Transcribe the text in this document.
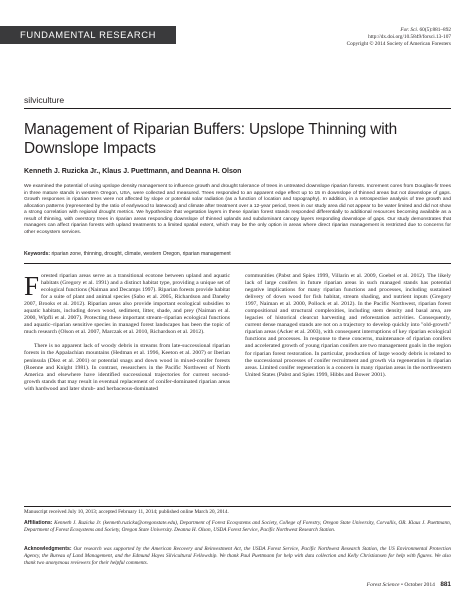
FUNDAMENTAL RESEARCH	For. Sci. 60(5):881–892
http://dx.doi.org/10.5849/forsci.13-107
Copyright © 2014 Society of American Foresters
silviculture
Management of Riparian Buffers: Upslope Thinning with Downslope Impacts
Kenneth J. Ruzicka Jr., Klaus J. Puettmann, and Deanna H. Olson

We examined the potential of using upslope density management to influence growth and drought tolerance of trees in untreated downslope riparian forests. Increment cores from Douglas-fir trees in three mature stands in western Oregon, USA, were collected and measured. Trees responded to an apparent edge effect up to 15 m downslope of thinned areas but not downslope of gaps. Growth responses in riparian trees were not affected by slope or potential solar radiation (as a function of location and topography). In addition, in a retrospective analysis of tree growth and allocation patterns (represented by the ratio of earlywood to latewood) and climate after treatment over a 12-year period, trees in our study area did not appear to be water limited and did not show a strong correlation with regional drought metrics. We hypothesize that vegetation layers in these riparian forest stands responded differentially to additional resources becoming available as a result of thinning, with overstory trees in riparian areas responding downslope of thinned uplands and subdominant canopy layers responding downslope of gaps. Our study demonstrates that managers can affect riparian forests with upland treatments to a limited spatial extent, which may be the only option in areas where direct riparian management is restricted due to concerns for other ecosystem services.

Keywords: riparian zone, thinning, drought, climate, western Oregon, riparian management

Forested riparian areas serve as a transitional ecotone between upland and aquatic habitats (Gregory et al. 1991) and a distinct habitat type, providing a unique set of ecological functions (Naiman and Decamps 1997). Riparian forests provide habitat for a suite of plant and animal species (Sabo et al. 2005, Richardson and Danehy 2007, Brooks et al. 2012). Riparian areas also provide important ecological subsidies to aquatic habitats, including down wood, sediment, litter, shade, and prey (Naiman et al. 2000, Wipfli et al. 2007). Protecting these important stream–riparian ecological functions and aquatic–riparian sensitive species in managed forest landscapes has been the topic of much research (Olson et al. 2007, Marczak et al. 2010, Richardson et al. 2012).

There is no apparent lack of woody debris in streams from late-successional riparian forests in the Appalachian mountains (Hedman et al. 1996, Keeton et al. 2007) or Iberian peninsula (Diez et al. 2001) or potential snags and down wood in mixed-conifer forests (Roenne and Knight 1981). In contrast, researchers in the Pacific Northwest of North America and elsewhere have identified successional trajectories for current second-growth stands that may result in eventual replacement of conifer-dominated riparian areas with hardwood and later shrub- and herbaceous-dominated

communities (Pabst and Spies 1999, Villarin et al. 2009, Goebel et al. 2012). The likely lack of large conifers in future riparian areas in such managed stands has potential negative implications for many riparian functions and processes, including sustained delivery of down wood for fish habitat, stream shading, and nutrient inputs (Gregory 1997, Naiman et al. 2000, Pollock et al. 2012). In the Pacific Northwest, riparian forest compositional and structural complexities, including stem density and basal area, are legacies of historical clearcut harvesting and reforestation activities. Consequently, current dense managed stands are not on a trajectory to develop quickly into "old-growth" riparian areas (Acker et al. 2003), with consequent interruptions of key riparian ecological functions and processes. In response to these concerns, maintenance of riparian conifers and accelerated growth of young riparian conifers are two management goals in the region for riparian forest restoration. In particular, production of large woody debris is related to the successional processes of conifer recruitment and growth via regeneration in riparian areas. Limited conifer regeneration is a concern in many riparian areas in the northwestern United States (Pabst and Spies 1999, Hibbs and Bower 2001).

Manuscript received July 10, 2013; accepted February 11, 2014; published online March 20, 2014.
Affiliations: Kenneth J. Ruzicka Jr. (kenneth.ruzicka@oregonstate.edu), Department of Forest Ecosystems and Society, College of Forestry, Oregon State University, Corvallis, OR. Klaus J. Puettmann, Department of Forest Ecosystems and Society, Oregon State University. Deanna H. Olson, USDA Forest Service, Pacific Northwest Research Station.
Acknowledgments: Our research was supported by the American Recovery and Reinvestment Act, the USDA Forest Service, Pacific Northwest Research Station, the US Environmental Protection Agency, the Bureau of Land Management, and the Edmund Hayes Silvicultural Fellowship. We thank Paul Puettmann for help with data collection and Kelly Christiansen for help with figures. We also thank two anonymous reviewers for their helpful comments.
Forest Science • October 2014 881
